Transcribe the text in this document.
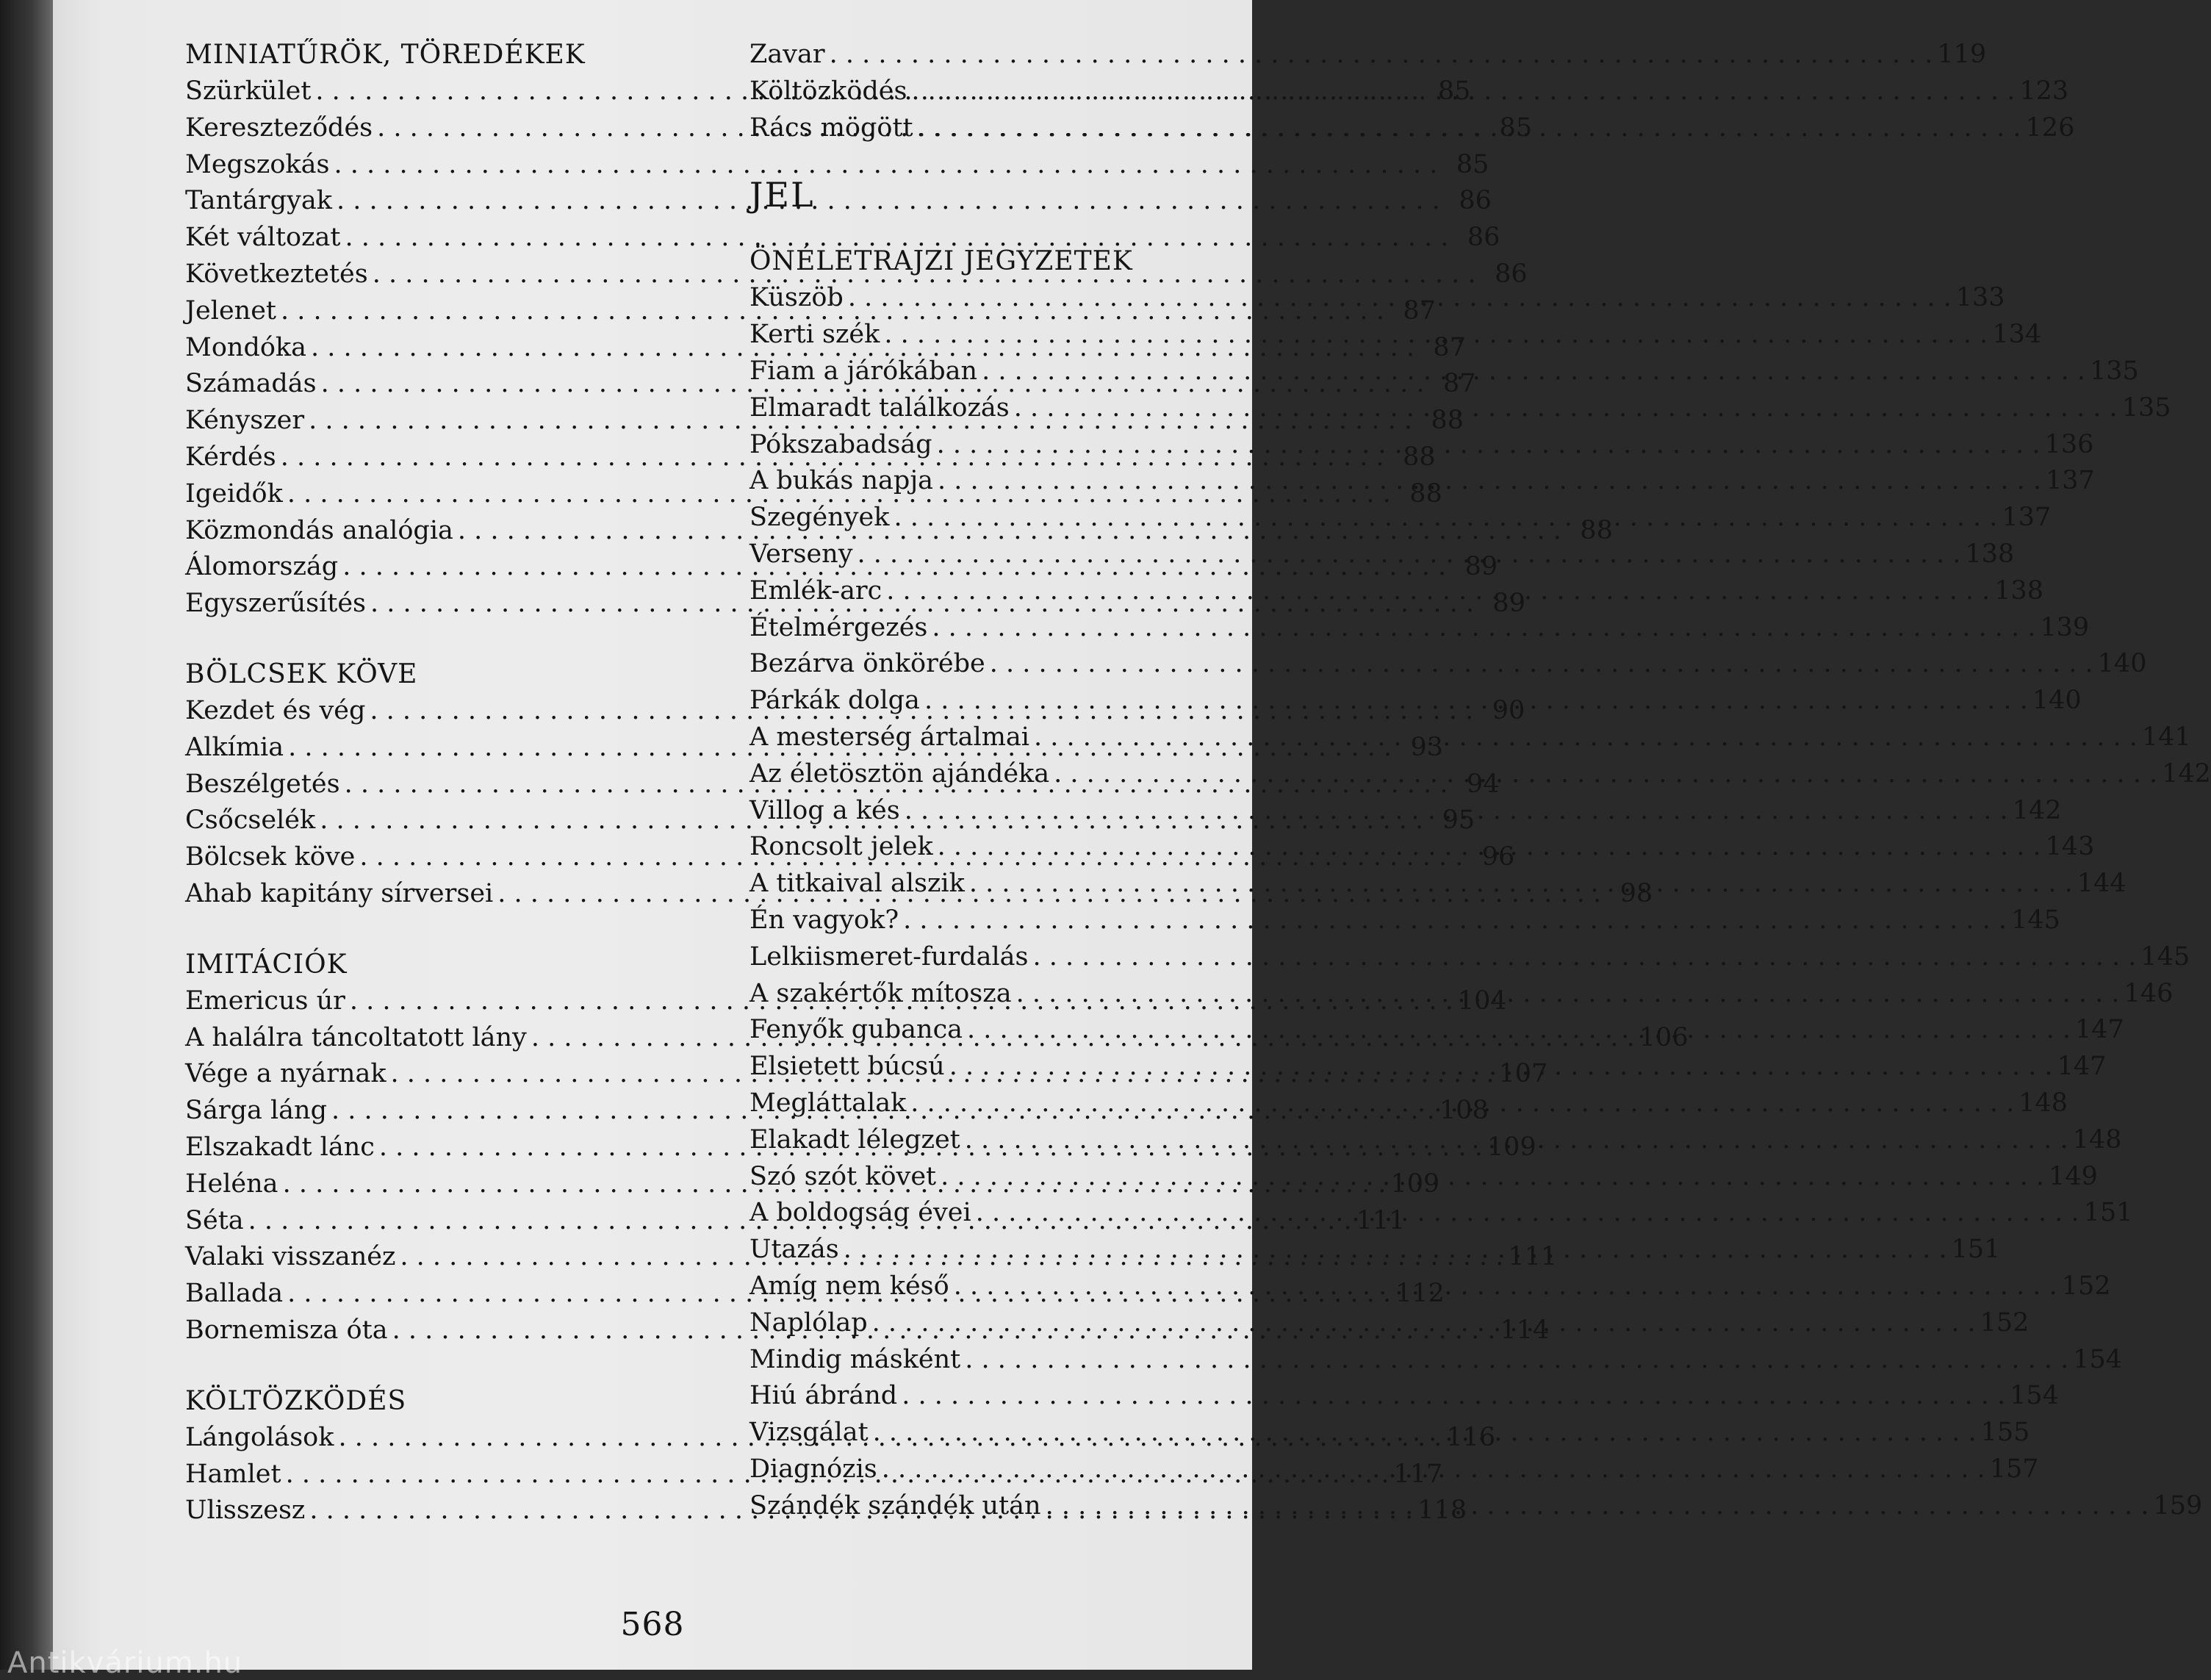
MINIATŰRÖK, TÖREDÉKEK
Szürkület . . .	85
Kereszteződés . . .	85
Megszokás . . .	85
Tantárgyak . . .	86
Két változat . . .	86
Következtetés . . .	86
Jelenet . . .	87
Mondóka . . .	87
Számadás . . .	87
Kényszer . . .	88
Kérdés . . .	88
Igeidők . . .	88
Közmondás analógia . . .	88
Álomország . . .	89
Egyszerűsítés . . .	89
BÖLCSEK KÖVE
Kezdet és vég . . .	90
Alkímia . . .	93
Beszélgetés . . .	94
Csőcselék . . .	95
Bölcsek köve . . .	96
Ahab kapitány sírversei . . .	98
IMITÁCIÓK
Emericus úr . . .	104
A halálra táncoltatott lány . . .	106
Vége a nyárnak . . .	107
Sárga láng . . .	108
Elszakadt lánc . . .	109
Heléna . . .	109
Séta . . .	111
Valaki visszanéz . . .	111
Ballada . . .	112
Bornemisza óta . . .	114
KÖLTÖZKÖDÉS
Lángolások . . .	116
Hamlet . . .	117
Ulisszesz . . .	118
Zavar . . .	119
Költözködés . . .	123
Rács mögött . . .	126
JEL
ÖNÉLETRAJZI JEGYZETEK
Küszöb . . .	133
Kerti szék . . .	134
Fiam a járókában . . .	135
Elmaradt találkozás . . .	135
Pókszabadság . . .	136
A bukás napja . . .	137
Szegények . . .	137
Verseny . . .	138
Emlék-arc . . .	138
Ételmérgezés . . .	139
Bezárva önkörébe . . .	140
Párkák dolga . . .	140
A mesterség ártalmai . . .	141
Az életösztön ajándéka . . .	142
Villog a kés . . .	142
Roncsolt jelek . . .	143
A titkaival alszik . . .	144
Én vagyok? . . .	145
Lelkiismeret-furdalás . . .	145
A szakértők mítosza . . .	146
Fenyők gubanca . . .	147
Elsietett búcsú . . .	147
Megláttalak . . .	148
Elakadt lélegzet . . .	148
Szó szót követ . . .	149
A boldogság évei . . .	151
Utazás . . .	151
Amíg nem késő . . .	152
Naplólap . . .	152
Mindig másként . . .	154
Hiú ábránd . . .	154
Vizsgálat . . .	155
Diagnózis . . .	157
Szándék szándék után . . .	159
568
Antikvárium.hu
